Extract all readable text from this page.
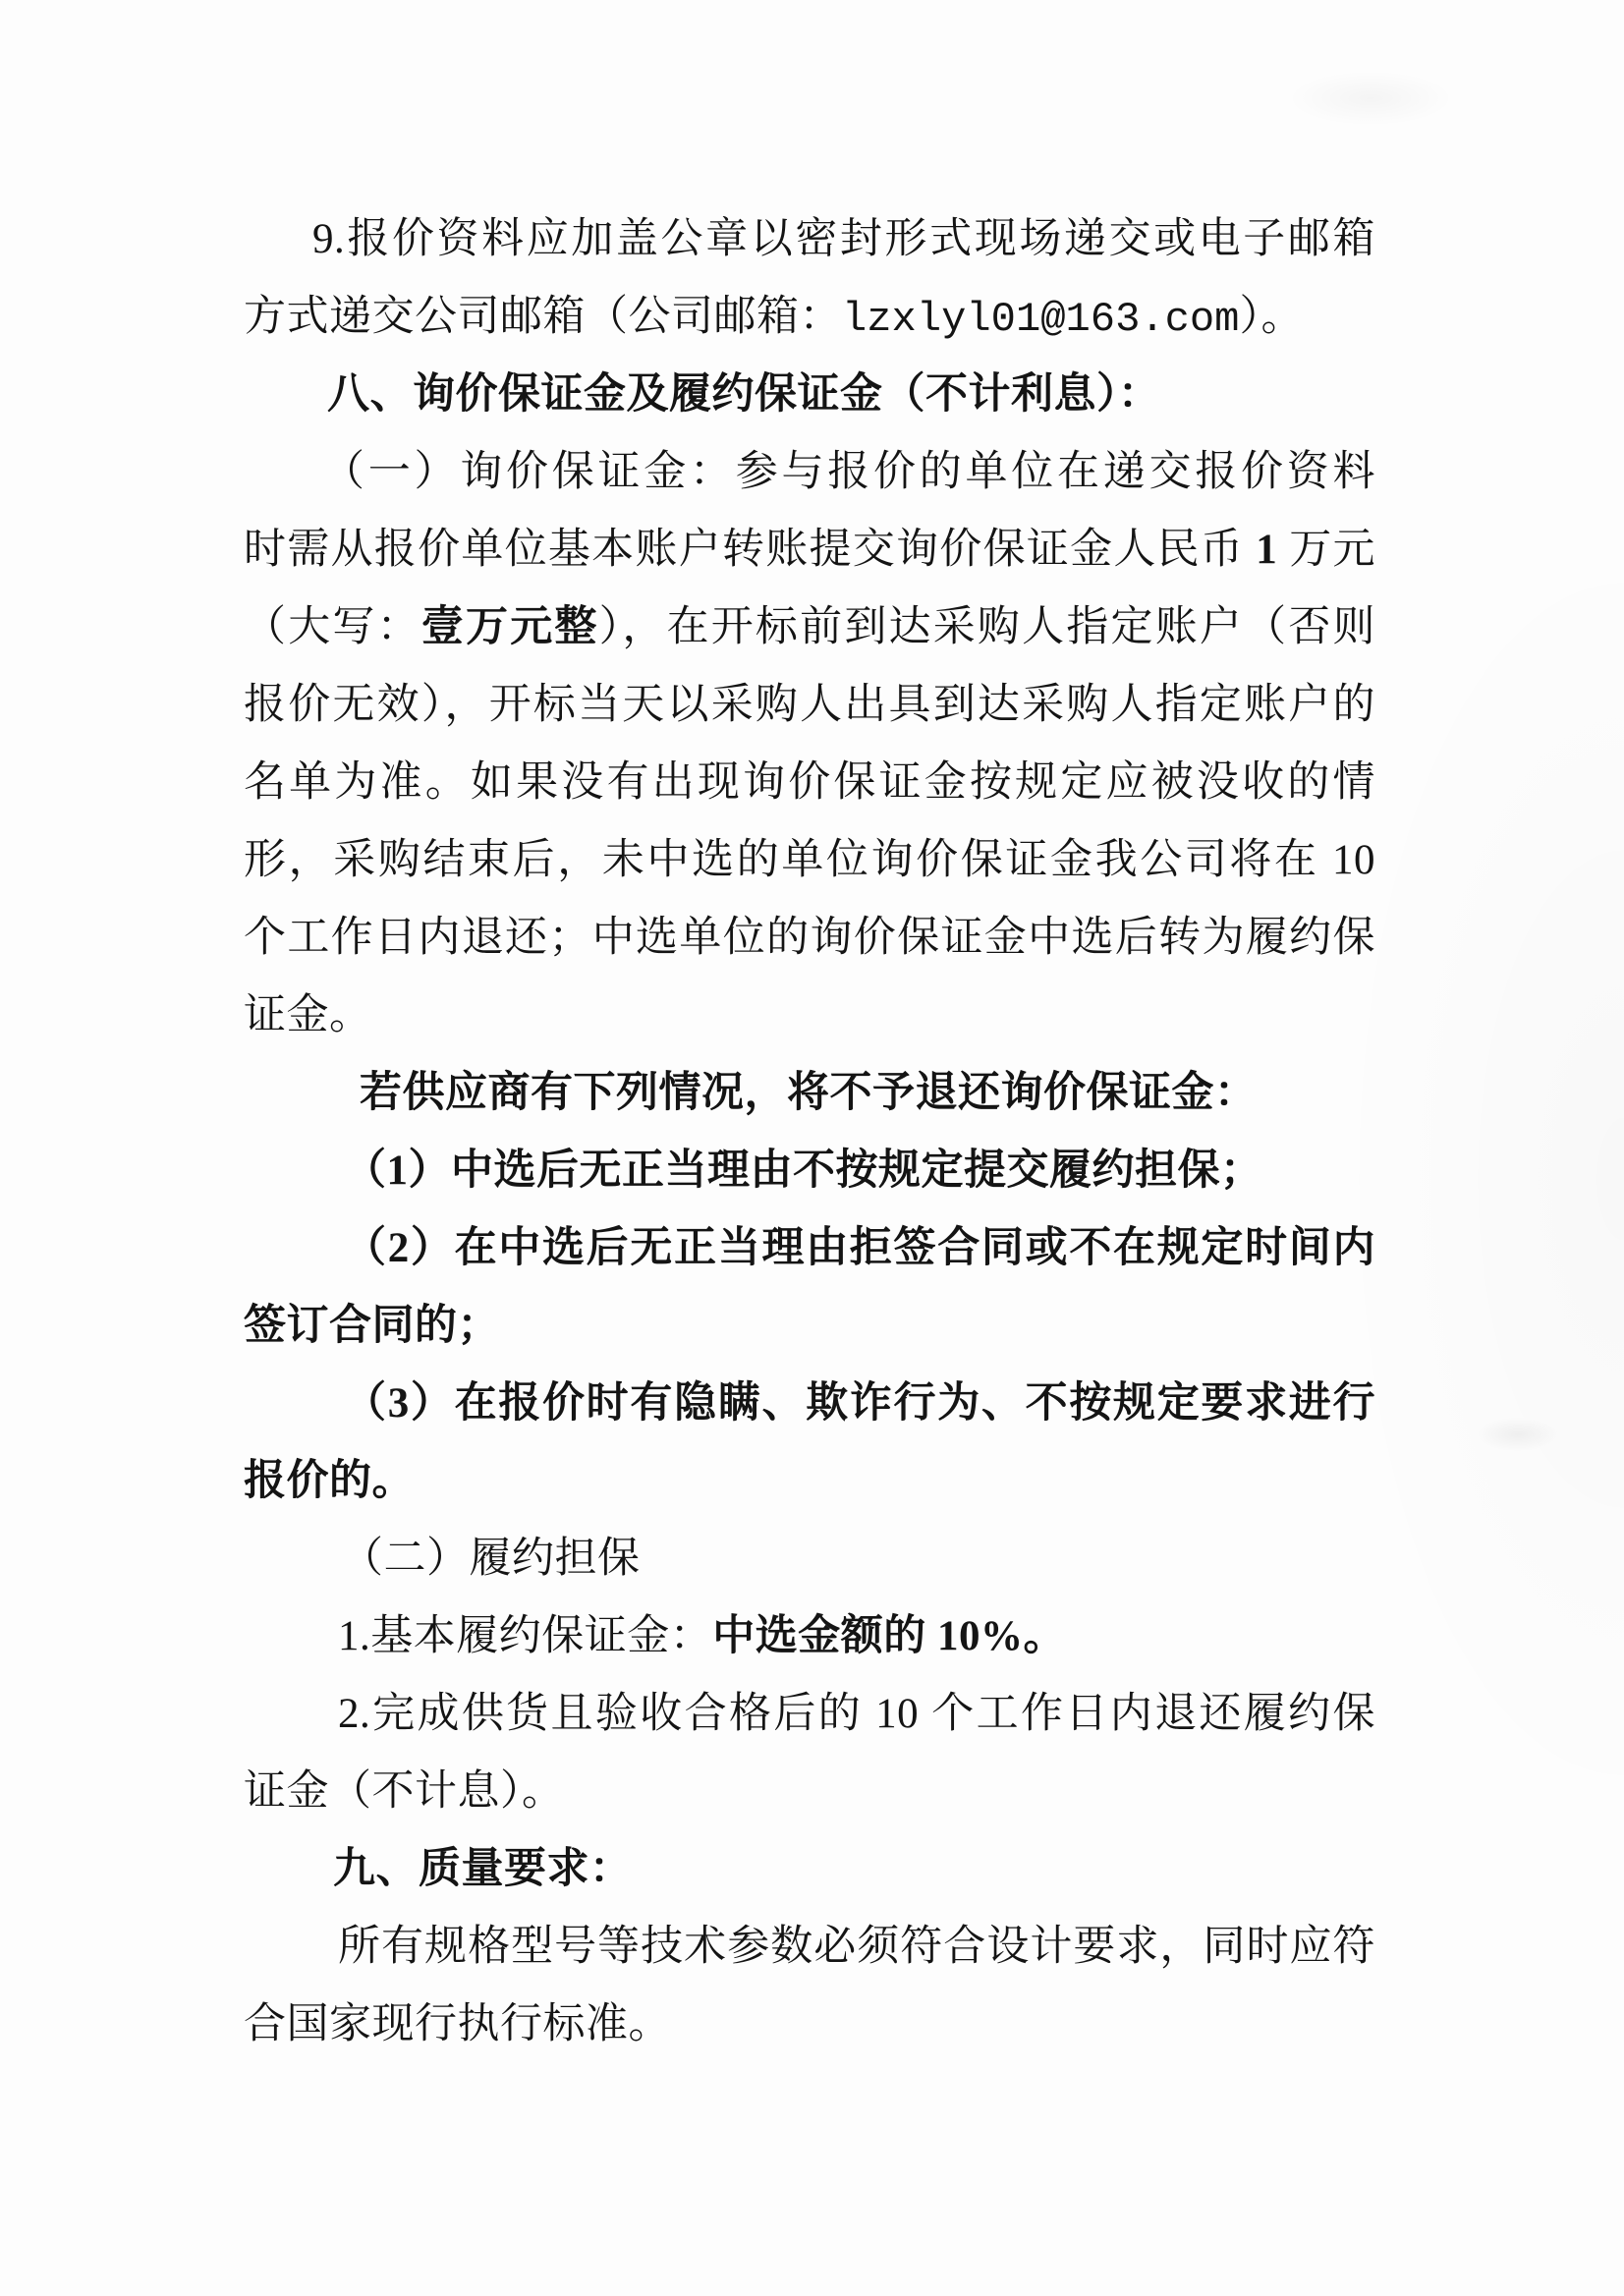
9.报价资料应加盖公章以密封形式现场递交或电子邮箱
方式递交公司邮箱（公司邮箱：lzxlyl01@163.com）。
八、询价保证金及履约保证金（不计利息）：
（一）询价保证金：参与报价的单位在递交报价资料
时需从报价单位基本账户转账提交询价保证金人民币 1 万元
（大写：壹万元整），在开标前到达采购人指定账户（否则
报价无效），开标当天以采购人出具到达采购人指定账户的
名单为准。如果没有出现询价保证金按规定应被没收的情
形，采购结束后，未中选的单位询价保证金我公司将在 10
个工作日内退还；中选单位的询价保证金中选后转为履约保
证金。
若供应商有下列情况，将不予退还询价保证金：
（1）中选后无正当理由不按规定提交履约担保；
（2）在中选后无正当理由拒签合同或不在规定时间内
签订合同的；
（3）在报价时有隐瞒、欺诈行为、不按规定要求进行
报价的。
（二）履约担保
1.基本履约保证金：中选金额的 10%。
2.完成供货且验收合格后的 10 个工作日内退还履约保
证金（不计息）。
九、质量要求：
所有规格型号等技术参数必须符合设计要求，同时应符
合国家现行执行标准。
